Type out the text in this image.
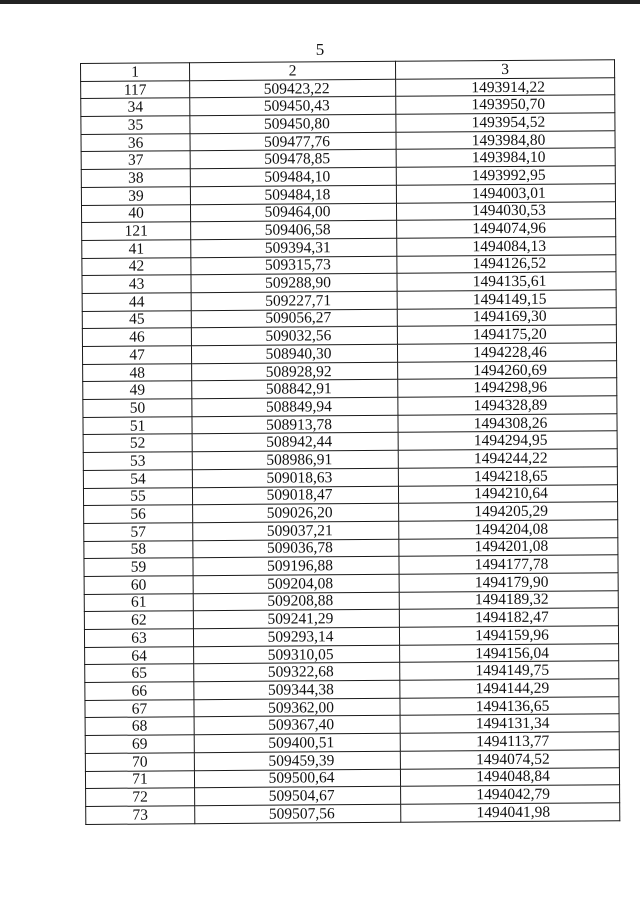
5
1	2	3
117	509423,22	1493914,22
34	509450,43	1493950,70
35	509450,80	1493954,52
36	509477,76	1493984,80
37	509478,85	1493984,10
38	509484,10	1493992,95
39	509484,18	1494003,01
40	509464,00	1494030,53
121	509406,58	1494074,96
41	509394,31	1494084,13
42	509315,73	1494126,52
43	509288,90	1494135,61
44	509227,71	1494149,15
45	509056,27	1494169,30
46	509032,56	1494175,20
47	508940,30	1494228,46
48	508928,92	1494260,69
49	508842,91	1494298,96
50	508849,94	1494328,89
51	508913,78	1494308,26
52	508942,44	1494294,95
53	508986,91	1494244,22
54	509018,63	1494218,65
55	509018,47	1494210,64
56	509026,20	1494205,29
57	509037,21	1494204,08
58	509036,78	1494201,08
59	509196,88	1494177,78
60	509204,08	1494179,90
61	509208,88	1494189,32
62	509241,29	1494182,47
63	509293,14	1494159,96
64	509310,05	1494156,04
65	509322,68	1494149,75
66	509344,38	1494144,29
67	509362,00	1494136,65
68	509367,40	1494131,34
69	509400,51	1494113,77
70	509459,39	1494074,52
71	509500,64	1494048,84
72	509504,67	1494042,79
73	509507,56	1494041,98
